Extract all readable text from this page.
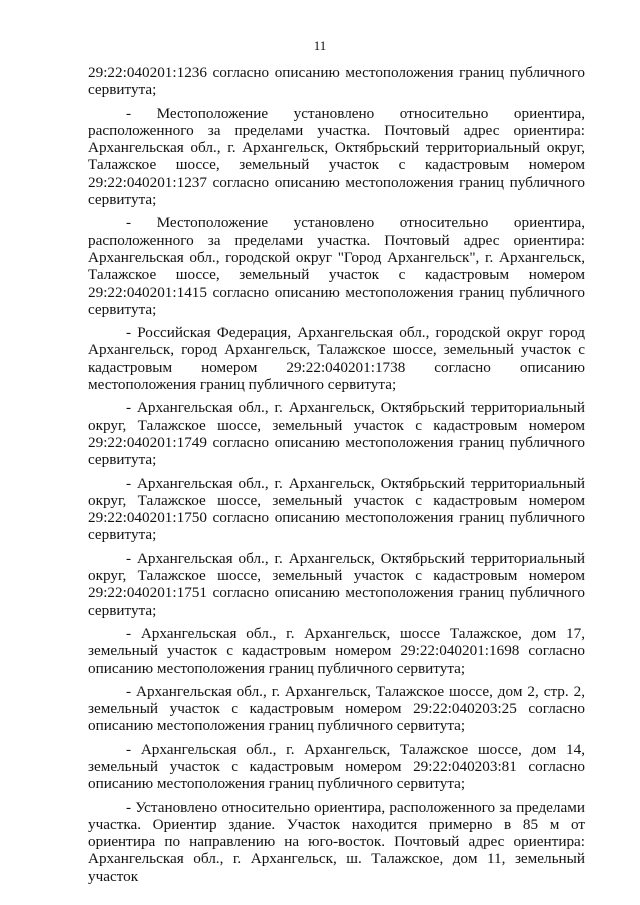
11

29:22:040201:1236 согласно описанию местоположения границ публичного сервитута;

- Местоположение установлено относительно ориентира, расположенного за пределами участка. Почтовый адрес ориентира: Архангельская обл., г. Архангельск, Октябрьский территориальный округ, Талажское шоссе, земельный участок с кадастровым номером 29:22:040201:1237 согласно описанию местоположения границ публичного сервитута;

- Местоположение установлено относительно ориентира, расположенного за пределами участка. Почтовый адрес ориентира: Архангельская обл., городской округ "Город Архангельск", г. Архангельск, Талажское шоссе, земельный участок с кадастровым номером 29:22:040201:1415 согласно описанию местоположения границ публичного сервитута;

- Российская Федерация, Архангельская обл., городской округ город Архангельск, город Архангельск, Талажское шоссе, земельный участок с кадастровым номером 29:22:040201:1738 согласно описанию местоположения границ публичного сервитута;

- Архангельская обл., г. Архангельск, Октябрьский территориальный округ, Талажское шоссе, земельный участок с кадастровым номером 29:22:040201:1749 согласно описанию местоположения границ публичного сервитута;

- Архангельская обл., г. Архангельск, Октябрьский территориальный округ, Талажское шоссе, земельный участок с кадастровым номером 29:22:040201:1750 согласно описанию местоположения границ публичного сервитута;

- Архангельская обл., г. Архангельск, Октябрьский территориальный округ, Талажское шоссе, земельный участок с кадастровым номером 29:22:040201:1751 согласно описанию местоположения границ публичного сервитута;

- Архангельская обл., г. Архангельск, шоссе Талажское, дом 17, земельный участок с кадастровым номером 29:22:040201:1698 согласно описанию местоположения границ публичного сервитута;

- Архангельская обл., г. Архангельск, Талажское шоссе, дом 2, стр. 2, земельный участок с кадастровым номером 29:22:040203:25 согласно описанию местоположения границ публичного сервитута;

- Архангельская обл., г. Архангельск, Талажское шоссе, дом 14, земельный участок с кадастровым номером 29:22:040203:81 согласно описанию местоположения границ публичного сервитута;

- Установлено относительно ориентира, расположенного за пределами участка. Ориентир здание. Участок находится примерно в 85 м от ориентира по направлению на юго-восток. Почтовый адрес ориентира: Архангельская обл., г. Архангельск, ш. Талажское, дом 11, земельный участок
